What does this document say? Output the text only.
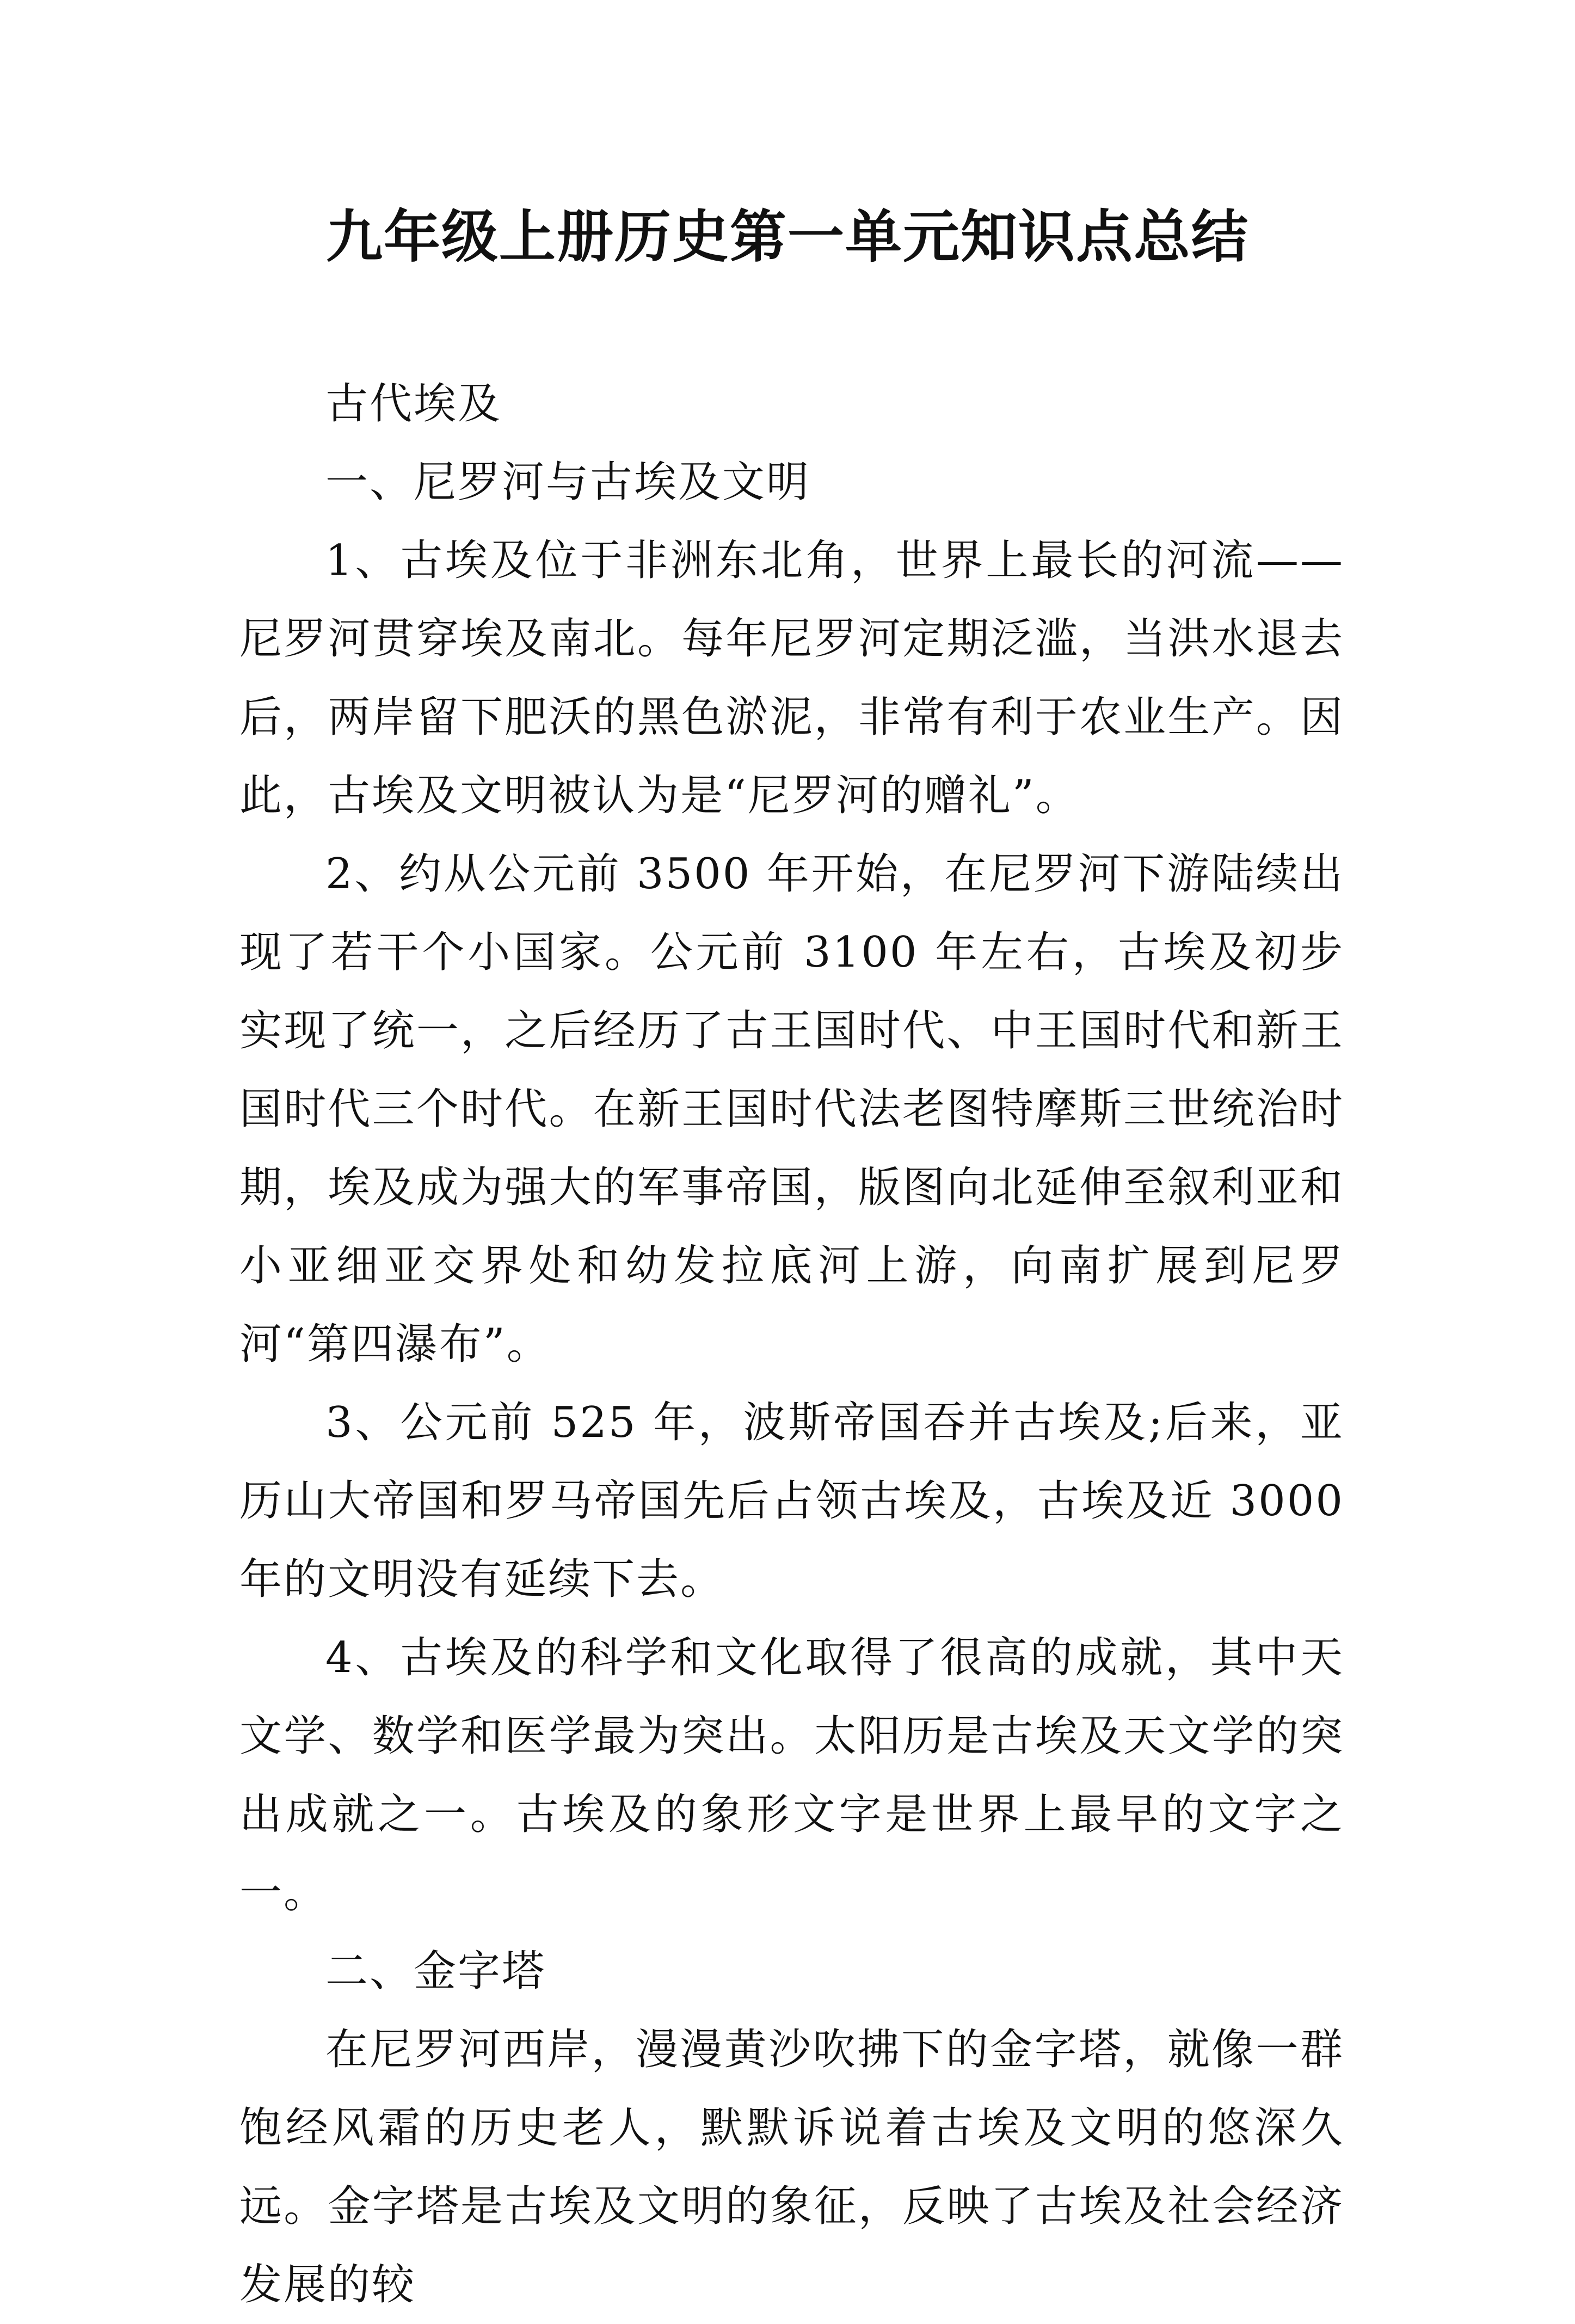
九年级上册历史第一单元知识点总结

古代埃及

一、尼罗河与古埃及文明

1、古埃及位于非洲东北角，世界上最长的河流——尼罗河贯穿埃及南北。每年尼罗河定期泛滥，当洪水退去后，两岸留下肥沃的黑色淤泥，非常有利于农业生产。因此，古埃及文明被认为是“尼罗河的赠礼”。

2、约从公元前 3500 年开始，在尼罗河下游陆续出现了若干个小国家。公元前 3100 年左右，古埃及初步实现了统一，之后经历了古王国时代、中王国时代和新王国时代三个时代。在新王国时代法老图特摩斯三世统治时期，埃及成为强大的军事帝国，版图向北延伸至叙利亚和小亚细亚交界处和幼发拉底河上游，向南扩展到尼罗河“第四瀑布”。

3、公元前 525 年，波斯帝国吞并古埃及;后来，亚历山大帝国和罗马帝国先后占领古埃及，古埃及近 3000 年的文明没有延续下去。

4、古埃及的科学和文化取得了很高的成就，其中天文学、数学和医学最为突出。太阳历是古埃及天文学的突出成就之一。古埃及的象形文字是世界上最早的文字之一。

二、金字塔

在尼罗河西岸，漫漫黄沙吹拂下的金字塔，就像一群饱经风霜的历史老人，默默诉说着古埃及文明的悠深久远。金字塔是古埃及文明的象征，反映了古埃及社会经济发展的较
